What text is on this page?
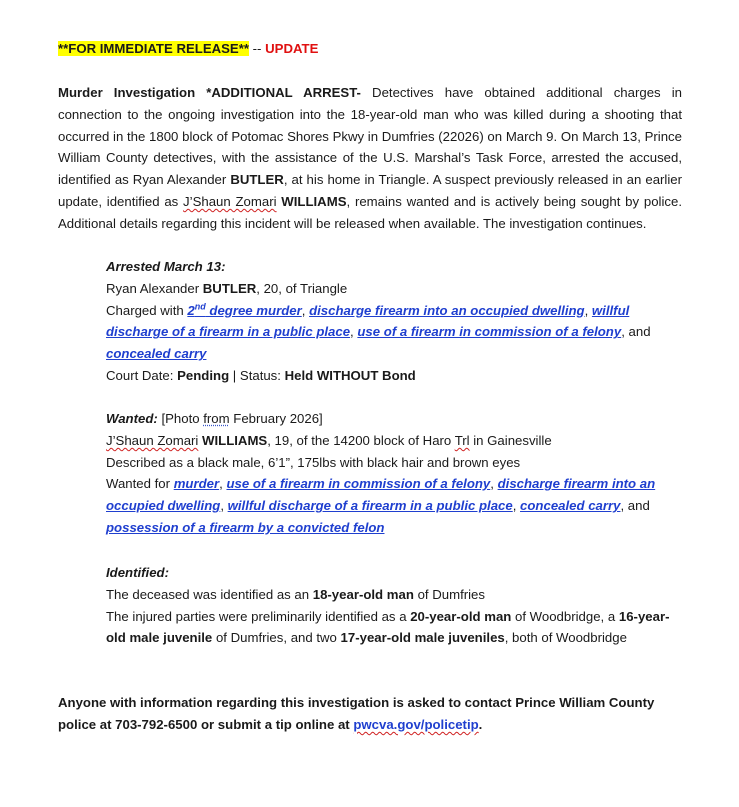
**FOR IMMEDIATE RELEASE** -- UPDATE
Murder Investigation *ADDITIONAL ARREST- Detectives have obtained additional charges in connection to the ongoing investigation into the 18-year-old man who was killed during a shooting that occurred in the 1800 block of Potomac Shores Pkwy in Dumfries (22026) on March 9. On March 13, Prince William County detectives, with the assistance of the U.S. Marshal’s Task Force, arrested the accused, identified as Ryan Alexander BUTLER, at his home in Triangle. A suspect previously released in an earlier update, identified as J’Shaun Zomari WILLIAMS, remains wanted and is actively being sought by police. Additional details regarding this incident will be released when available. The investigation continues.
Arrested March 13:
Ryan Alexander BUTLER, 20, of Triangle
Charged with 2nd degree murder, discharge firearm into an occupied dwelling, willful discharge of a firearm in a public place, use of a firearm in commission of a felony, and concealed carry
Court Date: Pending | Status: Held WITHOUT Bond
Wanted: [Photo from February 2026]
J’Shaun Zomari WILLIAMS, 19, of the 14200 block of Haro Trl in Gainesville
Described as a black male, 6’1”, 175lbs with black hair and brown eyes
Wanted for murder, use of a firearm in commission of a felony, discharge firearm into an occupied dwelling, willful discharge of a firearm in a public place, concealed carry, and possession of a firearm by a convicted felon
Identified:
The deceased was identified as an 18-year-old man of Dumfries
The injured parties were preliminarily identified as a 20-year-old man of Woodbridge, a 16-year-old male juvenile of Dumfries, and two 17-year-old male juveniles, both of Woodbridge
Anyone with information regarding this investigation is asked to contact Prince William County police at 703-792-6500 or submit a tip online at pwcva.gov/policetip.
